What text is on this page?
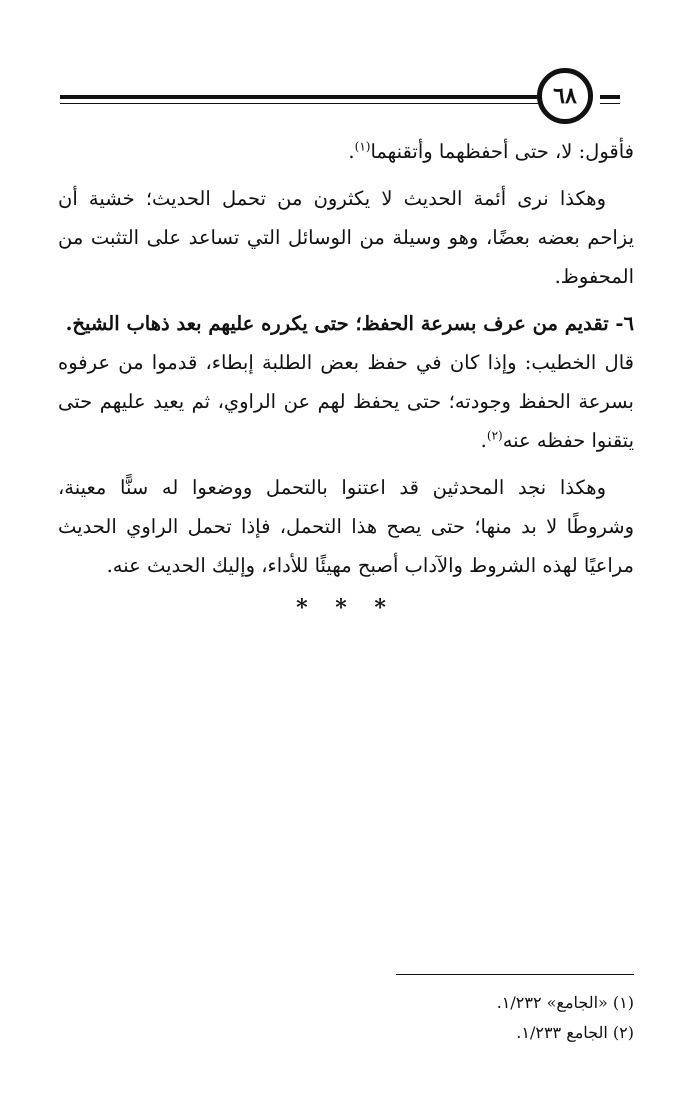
٦٨

فأقول: لا، حتى أحفظهما وأتقنهما$^{(١)}$.

وهكذا نرى أئمة الحديث لا يكثرون من تحمل الحديث؛ خشية أن يزاحم بعضه بعضًا، وهو وسيلة من الوسائل التي تساعد على التثبت من المحفوظ.

٦- تقديم من عرف بسرعة الحفظ؛ حتى يكرره عليهم بعد ذهاب الشيخ.

قال الخطيب: وإذا كان في حفظ بعض الطلبة إبطاء، قدموا من عرفوه بسرعة الحفظ وجودته؛ حتى يحفظ لهم عن الراوي، ثم يعيد عليهم حتى يتقنوا حفظه عنه$^{(٢)}$.

وهكذا نجد المحدثين قد اعتنوا بالتحمل ووضعوا له سنًّا معينة، وشروطًا لا بد منها؛ حتى يصح هذا التحمل، فإذا تحمل الراوي الحديث مراعيًا لهذه الشروط والآداب أصبح مهيئًا للأداء، وإليك الحديث عنه.

* * *
(١) «الجامع» ١/٢٣٢.
(٢) الجامع ١/٢٣٣.
